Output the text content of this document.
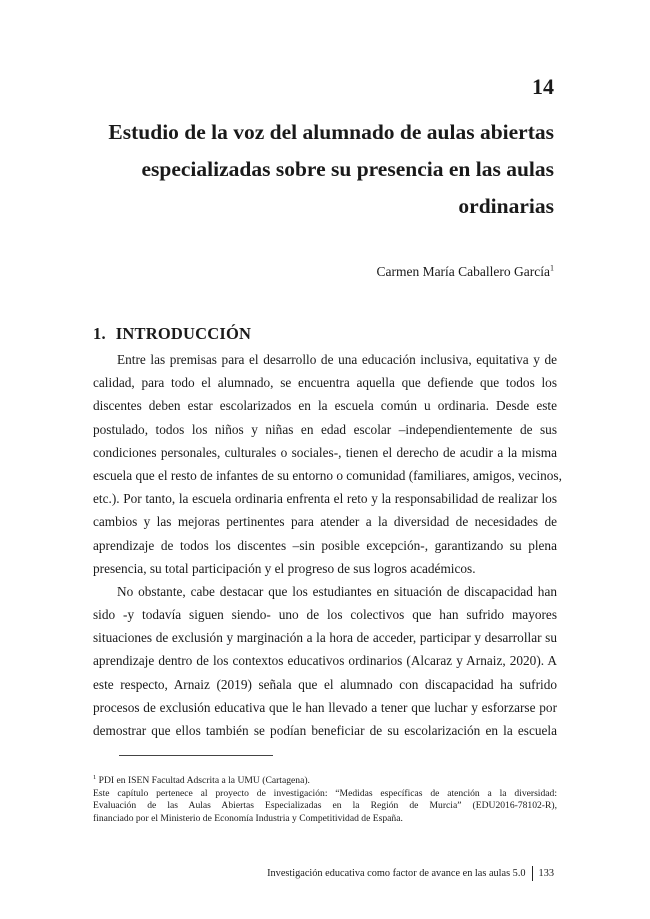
14
Estudio de la voz del alumnado de aulas abiertas
especializadas sobre su presencia en las aulas
ordinarias
Carmen María Caballero García$^1$
1. INTRODUCCIÓN
Entre las premisas para el desarrollo de una educación inclusiva, equitativa y de
calidad, para todo el alumnado, se encuentra aquella que defiende que todos los
discentes deben estar escolarizados en la escuela común u ordinaria. Desde este
postulado, todos los niños y niñas en edad escolar –independientemente de sus
condiciones personales, culturales o sociales-, tienen el derecho de acudir a la misma
escuela que el resto de infantes de su entorno o comunidad (familiares, amigos, vecinos,
etc.). Por tanto, la escuela ordinaria enfrenta el reto y la responsabilidad de realizar los
cambios y las mejoras pertinentes para atender a la diversidad de necesidades de
aprendizaje de todos los discentes –sin posible excepción-, garantizando su plena
presencia, su total participación y el progreso de sus logros académicos.
No obstante, cabe destacar que los estudiantes en situación de discapacidad han
sido -y todavía siguen siendo- uno de los colectivos que han sufrido mayores
situaciones de exclusión y marginación a la hora de acceder, participar y desarrollar su
aprendizaje dentro de los contextos educativos ordinarios (Alcaraz y Arnaiz, 2020). A
este respecto, Arnaiz (2019) señala que el alumnado con discapacidad ha sufrido
procesos de exclusión educativa que le han llevado a tener que luchar y esforzarse por
demostrar que ellos también se podían beneficiar de su escolarización en la escuela
$^1$ PDI en ISEN Facultad Adscrita a la UMU (Cartagena).
Este capítulo pertenece al proyecto de investigación: “Medidas específicas de atención a la diversidad:
Evaluación de las Aulas Abiertas Especializadas en la Región de Murcia” (EDU2016-78102-R),
financiado por el Ministerio de Economía Industria y Competitividad de España.
Investigación educativa como factor de avance en las aulas 5.0 133
